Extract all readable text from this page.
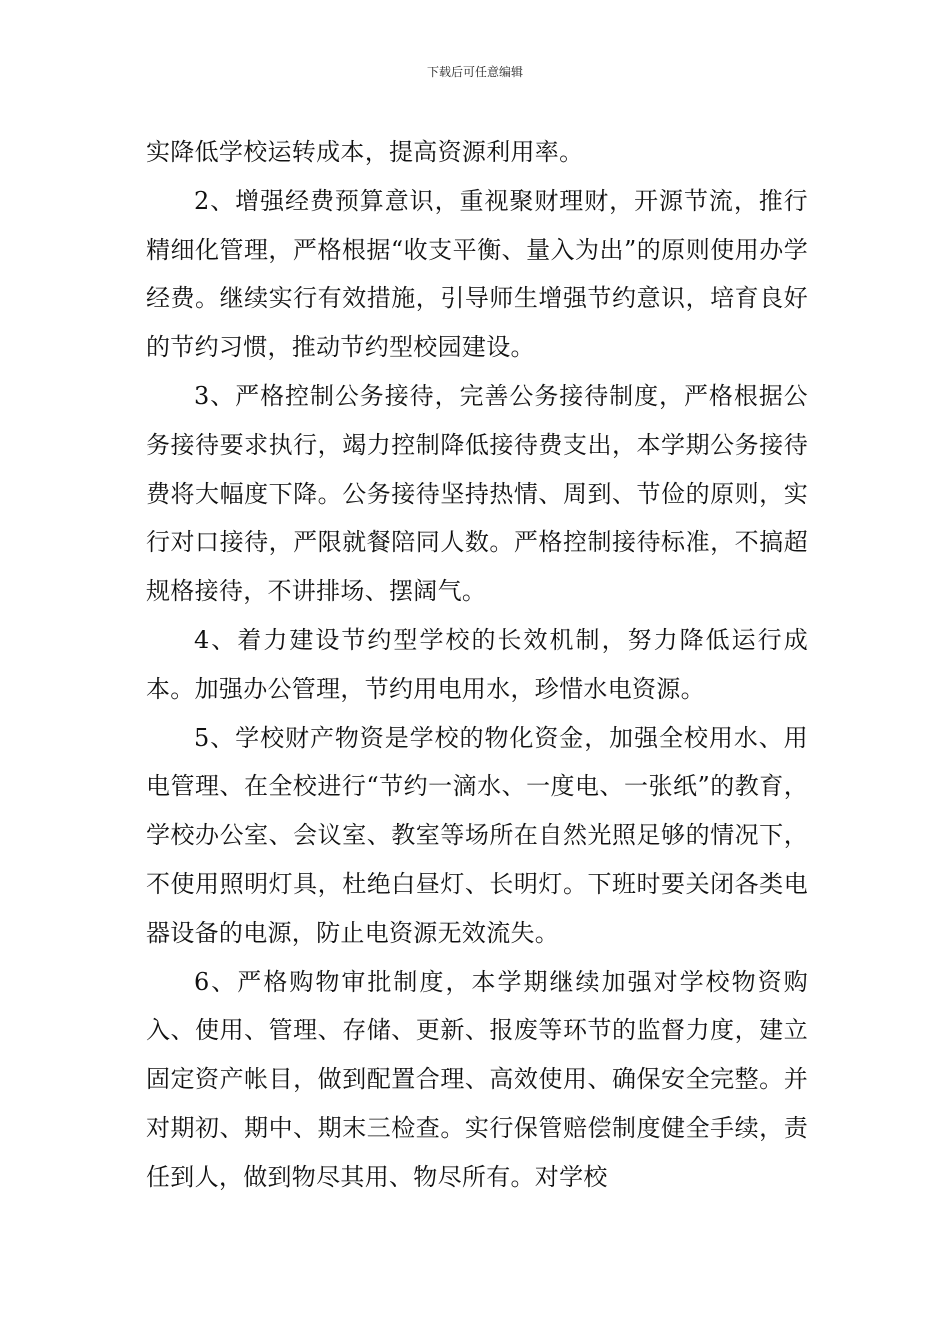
下载后可任意编辑

实降低学校运转成本，提高资源利用率。

2、增强经费预算意识，重视聚财理财，开源节流，推行精细化管理，严格根据“收支平衡、量入为出”的原则使用办学经费。继续实行有效措施，引导师生增强节约意识，培育良好的节约习惯，推动节约型校园建设。

3、严格控制公务接待，完善公务接待制度，严格根据公务接待要求执行，竭力控制降低接待费支出，本学期公务接待费将大幅度下降。公务接待坚持热情、周到、节俭的原则，实行对口接待，严限就餐陪同人数。严格控制接待标准，不搞超规格接待，不讲排场、摆阔气。

4、着力建设节约型学校的长效机制，努力降低运行成本。加强办公管理，节约用电用水，珍惜水电资源。

5、学校财产物资是学校的物化资金，加强全校用水、用电管理、在全校进行“节约一滴水、一度电、一张纸”的教育，学校办公室、会议室、教室等场所在自然光照足够的情况下，不使用照明灯具，杜绝白昼灯、长明灯。下班时要关闭各类电器设备的电源，防止电资源无效流失。

6、严格购物审批制度，本学期继续加强对学校物资购入、使用、管理、存储、更新、报废等环节的监督力度，建立固定资产帐目，做到配置合理、高效使用、确保安全完整。并对期初、期中、期末三检查。实行保管赔偿制度健全手续，责任到人，做到物尽其用、物尽所有。对学校
